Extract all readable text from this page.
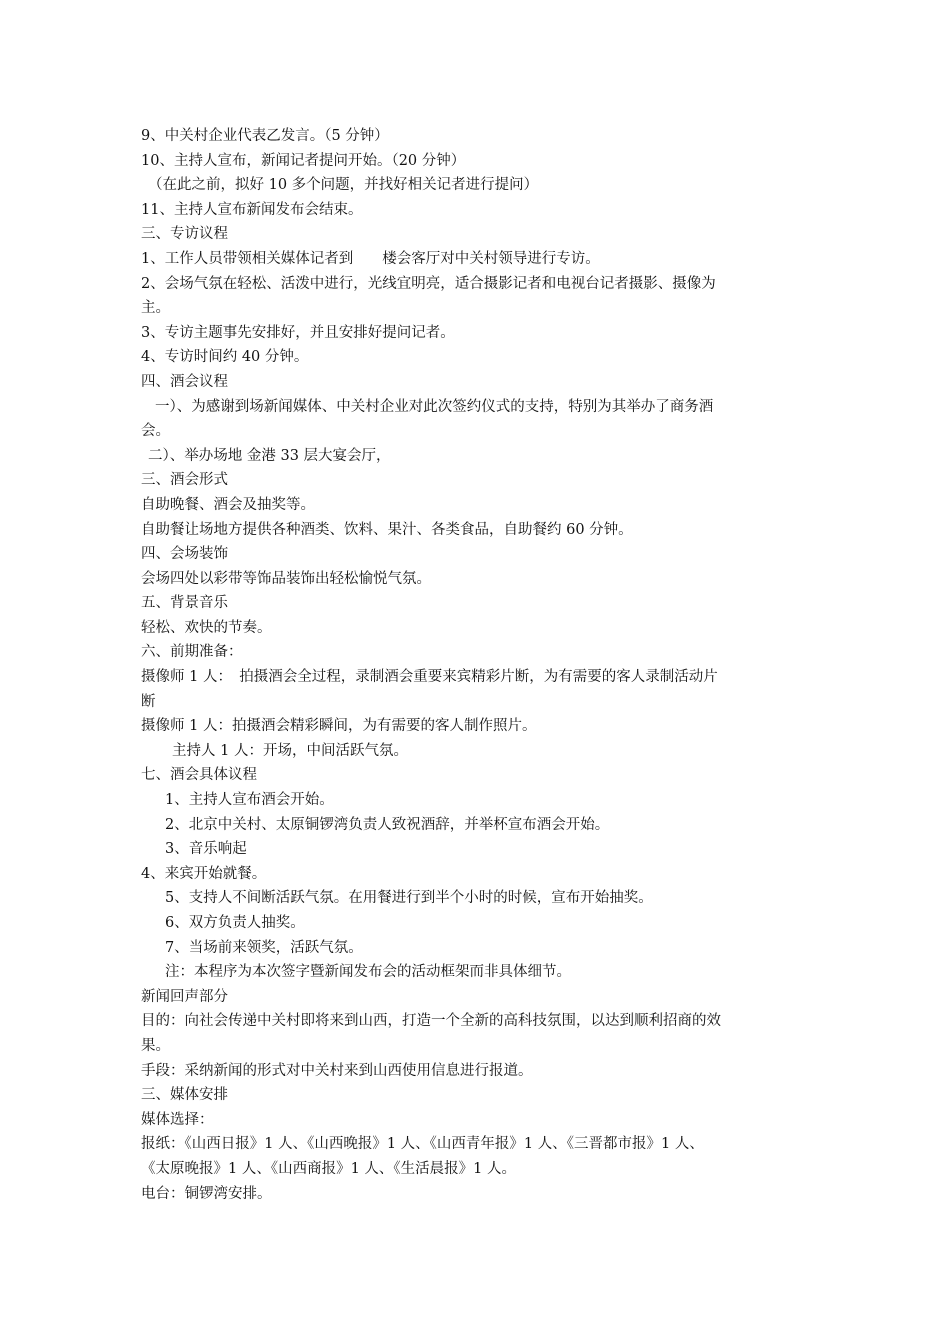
9、中关村企业代表乙发言。（5 分钟）
10、主持人宣布，新闻记者提问开始。（20 分钟）
（在此之前，拟好 10 多个问题，并找好相关记者进行提问）
11、主持人宣布新闻发布会结束。
三、专访议程
1、工作人员带领相关媒体记者到　　楼会客厅对中关村领导进行专访。
2、会场气氛在轻松、活泼中进行，光线宜明亮，适合摄影记者和电视台记者摄影、摄像为
主。
3、专访主题事先安排好，并且安排好提问记者。
4、专访时间约 40 分钟。
四、酒会议程
一）、为感谢到场新闻媒体、中关村企业对此次签约仪式的支持，特别为其举办了商务酒
会。
二）、举办场地 金港 33 层大宴会厅，
三、酒会形式
自助晚餐、酒会及抽奖等。
自助餐让场地方提供各种酒类、饮料、果汁、各类食品，自助餐约 60 分钟。
四、会场装饰
会场四处以彩带等饰品装饰出轻松愉悦气氛。
五、背景音乐
轻松、欢快的节奏。
六、前期准备：
摄像师 1 人：　拍摄酒会全过程，录制酒会重要来宾精彩片断，为有需要的客人录制活动片
断
摄像师 1 人：拍摄酒会精彩瞬间，为有需要的客人制作照片。
主持人 1 人：开场，中间活跃气氛。
七、酒会具体议程
1、主持人宣布酒会开始。
2、北京中关村、太原铜锣湾负责人致祝酒辞，并举杯宣布酒会开始。
3、音乐响起
4、来宾开始就餐。
5、支持人不间断活跃气氛。在用餐进行到半个小时的时候，宣布开始抽奖。
6、双方负责人抽奖。
7、当场前来领奖，活跃气氛。
注：本程序为本次签字暨新闻发布会的活动框架而非具体细节。
新闻回声部分
目的：向社会传递中关村即将来到山西，打造一个全新的高科技氛围，以达到顺利招商的效
果。
手段：采纳新闻的形式对中关村来到山西使用信息进行报道。
三、媒体安排
媒体选择：
报纸：《山西日报》1 人、《山西晚报》1 人、《山西青年报》1 人、《三晋都市报》1 人、
《太原晚报》1 人、《山西商报》1 人、《生活晨报》1 人。
电台：铜锣湾安排。
